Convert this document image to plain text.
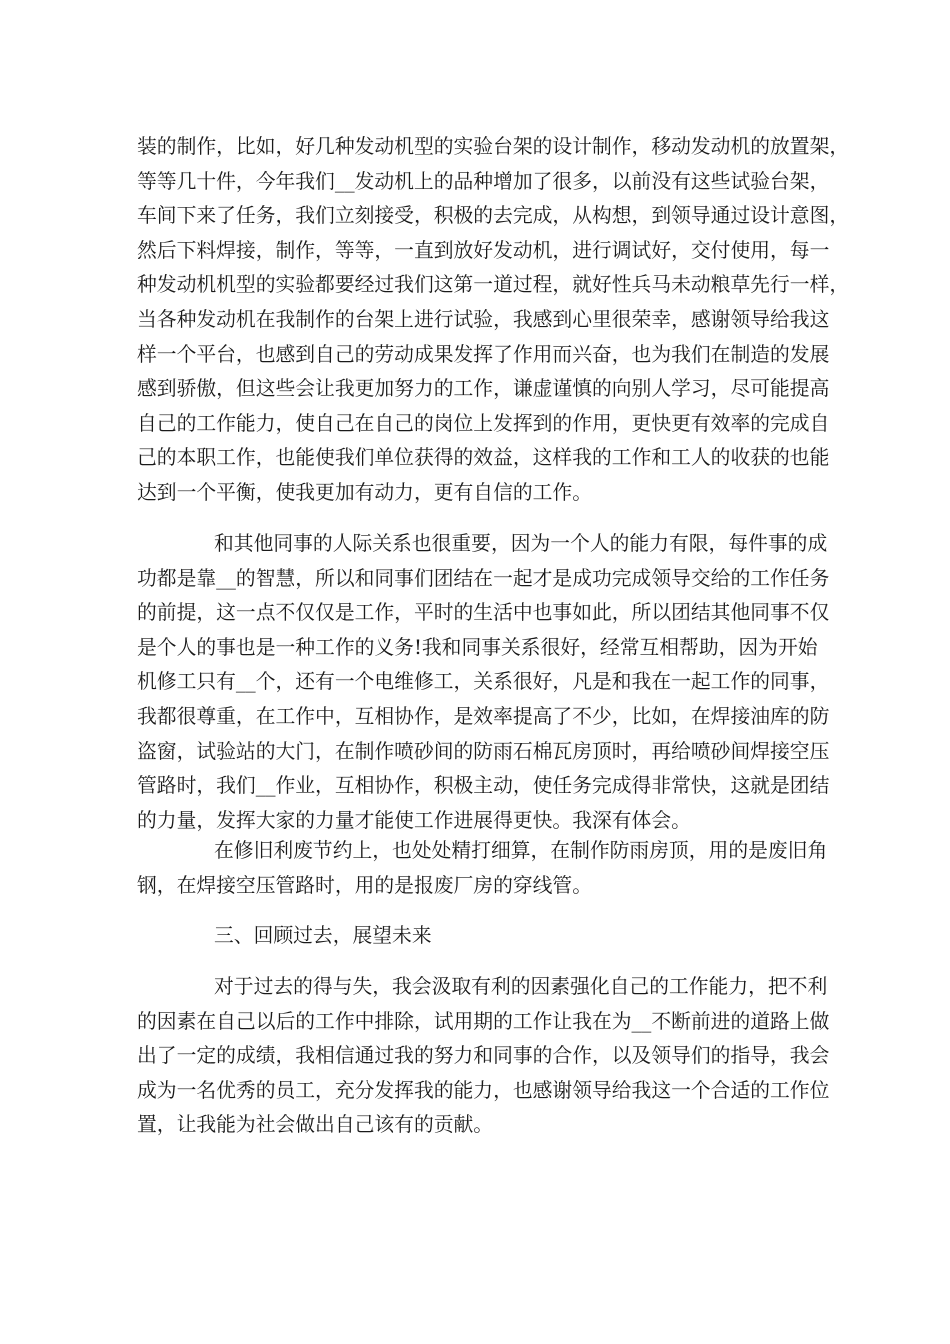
装的制作，比如，好几种发动机型的实验台架的设计制作，移动发动机的放置架，
等等几十件，今年我们__发动机上的品种增加了很多，以前没有这些试验台架，
车间下来了任务，我们立刻接受，积极的去完成，从构想，到领导通过设计意图，
然后下料焊接，制作，等等，一直到放好发动机，进行调试好，交付使用，每一
种发动机机型的实验都要经过我们这第一道过程，就好性兵马未动粮草先行一样，
当各种发动机在我制作的台架上进行试验，我感到心里很荣幸，感谢领导给我这
样一个平台，也感到自己的劳动成果发挥了作用而兴奋，也为我们在制造的发展
感到骄傲，但这些会让我更加努力的工作，谦虚谨慎的向别人学习，尽可能提高
自己的工作能力，使自己在自己的岗位上发挥到的作用，更快更有效率的完成自
己的本职工作，也能使我们单位获得的效益，这样我的工作和工人的收获的也能
达到一个平衡，使我更加有动力，更有自信的工作。
和其他同事的人际关系也很重要，因为一个人的能力有限，每件事的成
功都是靠__的智慧，所以和同事们团结在一起才是成功完成领导交给的工作任务
的前提，这一点不仅仅是工作，平时的生活中也事如此，所以团结其他同事不仅
是个人的事也是一种工作的义务!我和同事关系很好，经常互相帮助，因为开始
机修工只有__个，还有一个电维修工，关系很好，凡是和我在一起工作的同事，
我都很尊重，在工作中，互相协作，是效率提高了不少，比如，在焊接油库的防
盗窗，试验站的大门，在制作喷砂间的防雨石棉瓦房顶时，再给喷砂间焊接空压
管路时，我们__作业，互相协作，积极主动，使任务完成得非常快，这就是团结
的力量，发挥大家的力量才能使工作进展得更快。我深有体会。
在修旧利废节约上，也处处精打细算，在制作防雨房顶，用的是废旧角
钢，在焊接空压管路时，用的是报废厂房的穿线管。
三、回顾过去，展望未来
对于过去的得与失，我会汲取有利的因素强化自己的工作能力，把不利
的因素在自己以后的工作中排除，试用期的工作让我在为__不断前进的道路上做
出了一定的成绩，我相信通过我的努力和同事的合作，以及领导们的指导，我会
成为一名优秀的员工，充分发挥我的能力，也感谢领导给我这一个合适的工作位
置，让我能为社会做出自己该有的贡献。
